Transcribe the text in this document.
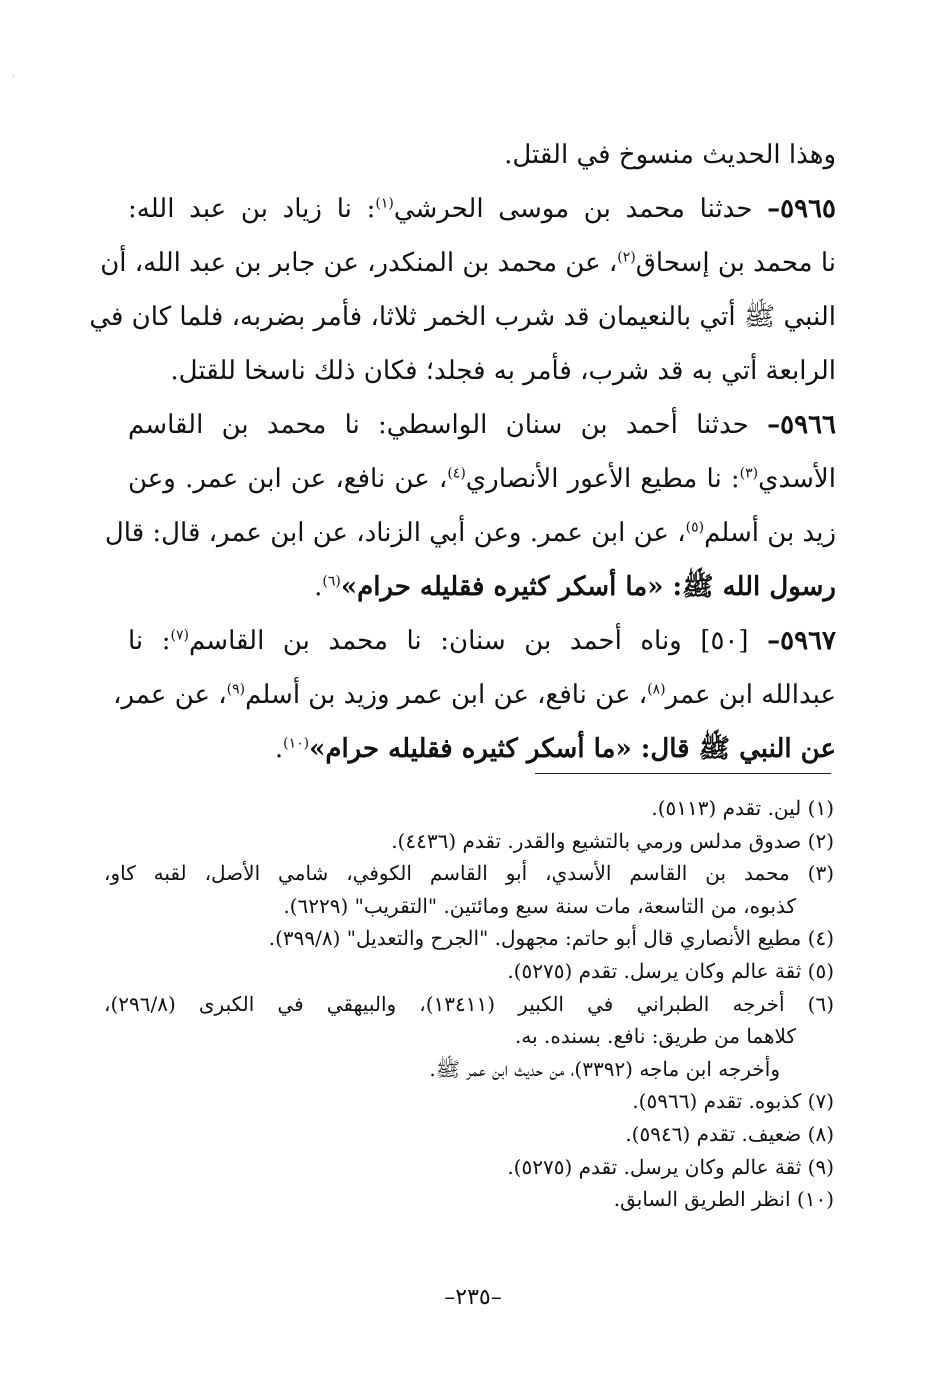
·
وهذا الحديث منسوخ في القتل.
٥٩٦٥– حدثنا محمد بن موسى الحرشي$^{(١)}$: نا زياد بن عبد الله:
نا محمد بن إسحاق$^{(٢)}$، عن محمد بن المنكدر، عن جابر بن عبد الله، أن
النبي ﷺ أتي بالنعيمان قد شرب الخمر ثلاثا، فأمر بضربه، فلما كان في
الرابعة أتي به قد شرب، فأمر به فجلد؛ فكان ذلك ناسخا للقتل.
٥٩٦٦– حدثنا أحمد بن سنان الواسطي: نا محمد بن القاسم
الأسدي$^{(٣)}$: نا مطيع الأعور الأنصاري$^{(٤)}$، عن نافع، عن ابن عمر. وعن
زيد بن أسلم$^{(٥)}$، عن ابن عمر. وعن أبي الزناد، عن ابن عمر، قال: قال
رسول الله ﷺ: «ما أسكر كثيره فقليله حرام»$^{(٦)}$.
٥٩٦٧– [٥٠] وناه أحمد بن سنان: نا محمد بن القاسم$^{(٧)}$: نا
عبدالله ابن عمر$^{(٨)}$، عن نافع، عن ابن عمر وزيد بن أسلم$^{(٩)}$، عن عمر،
عن النبي ﷺ قال: «ما أسكر كثيره فقليله حرام»$^{(١٠)}$.
(١) لين. تقدم (٥١١٣).
(٢) صدوق مدلس ورمي بالتشيع والقدر. تقدم (٤٤٣٦).
(٣) محمد بن القاسم الأسدي، أبو القاسم الكوفي، شامي الأصل، لقبه كاو،
كذبوه، من التاسعة، مات سنة سبع ومائتين. "التقريب" (٦٢٢٩).
(٤) مطيع الأنصاري قال أبو حاتم: مجهول. "الجرح والتعديل" (٣٩٩/٨).
(٥) ثقة عالم وكان يرسل. تقدم (٥٢٧٥).
(٦) أخرجه الطبراني في الكبير (١٣٤١١)، والبيهقي في الكبرى (٢٩٦/٨)،
كلاهما من طريق: نافع. بسنده. به.
وأخرجه ابن ماجه (٣٣٩٢)، من حديث ابن عمر ﷺ.
(٧) كذبوه. تقدم (٥٩٦٦).
(٨) ضعيف. تقدم (٥٩٤٦).
(٩) ثقة عالم وكان يرسل. تقدم (٥٢٧٥).
(١٠) انظر الطريق السابق.
–٢٣٥–
